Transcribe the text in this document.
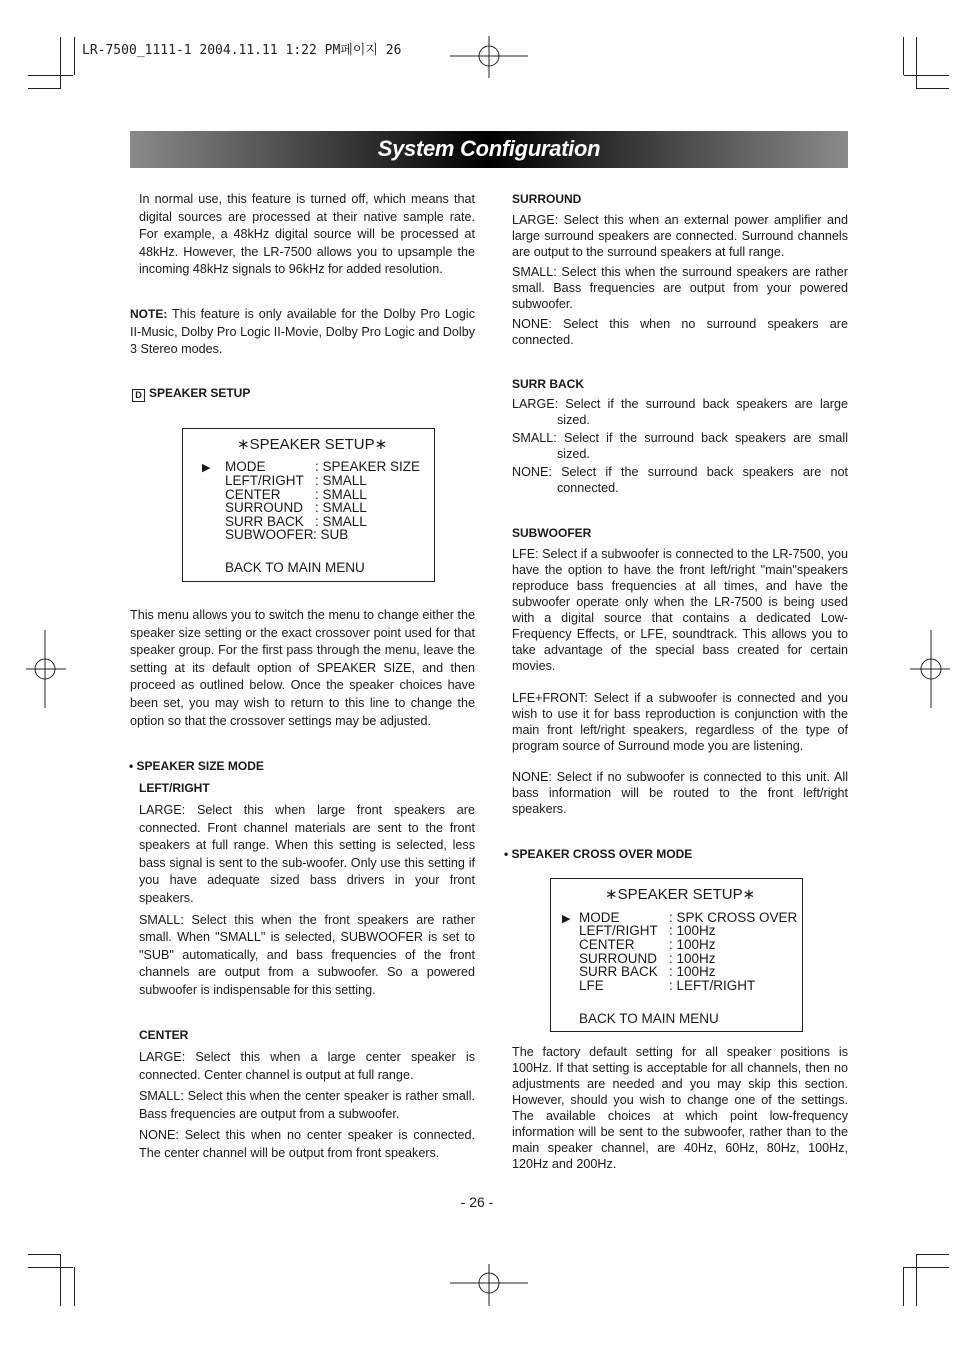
LR-7500_1111-1 2004.11.11 1:22 PM페이지 26
System Configuration

In normal use, this feature is turned off, which means that digital sources are processed at their native sample rate. For example, a 48kHz digital source will be processed at 48kHz. However, the LR-7500 allows you to upsample the incoming 48kHz signals to 96kHz for added resolution.

NOTE: This feature is only available for the Dolby Pro Logic II-Music, Dolby Pro Logic II-Movie, Dolby Pro Logic and Dolby 3 Stereo modes.

D SPEAKER SETUP
∗SPEAKER SETUP∗
▶ MODE	: SPEAKER SIZE
LEFT/RIGHT : SMALL
CENTER	: SMALL
SURROUND : SMALL
SURR BACK : SMALL
SUBWOOFER : SUB
BACK TO MAIN MENU

This menu allows you to switch the menu to change either the speaker size setting or the exact crossover point used for that speaker group. For the first pass through the menu, leave the setting at its default option of SPEAKER SIZE, and then proceed as outlined below. Once the speaker choices have been set, you may wish to return to this line to change the option so that the crossover settings may be adjusted.

• SPEAKER SIZE MODE
LEFT/RIGHT

LARGE: Select this when large front speakers are connected. Front channel materials are sent to the front speakers at full range. When this setting is selected, less bass signal is sent to the sub-woofer. Only use this setting if you have adequate sized bass drivers in your front speakers.

SMALL: Select this when the front speakers are rather small. When "SMALL" is selected, SUBWOOFER is set to "SUB" automatically, and bass frequencies of the front channels are output from a subwoofer. So a powered subwoofer is indispensable for this setting.

CENTER

LARGE: Select this when a large center speaker is connected. Center channel is output at full range.

SMALL: Select this when the center speaker is rather small. Bass frequencies are output from a subwoofer.

NONE: Select this when no center speaker is connected. The center channel will be output from front speakers.

SURROUND

LARGE: Select this when an external power amplifier and large surround speakers are connected. Surround channels are output to the surround speakers at full range.

SMALL: Select this when the surround speakers are rather small. Bass frequencies are output from your powered subwoofer.

NONE: Select this when no surround speakers are connected.

SURR BACK

LARGE: Select if the surround back speakers are large sized.

SMALL: Select if the surround back speakers are small sized.

NONE: Select if the surround back speakers are not connected.

SUBWOOFER

LFE: Select if a subwoofer is connected to the LR-7500, you have the option to have the front left/right "main"speakers reproduce bass frequencies at all times, and have the subwoofer operate only when the LR-7500 is being used with a digital source that contains a dedicated Low-Frequency Effects, or LFE, soundtrack. This allows you to take advantage of the special bass created for certain movies.

LFE+FRONT: Select if a subwoofer is connected and you wish to use it for bass reproduction is conjunction with the main front left/right speakers, regardless of the type of program source of Surround mode you are listening.

NONE: Select if no subwoofer is connected to this unit. All bass information will be routed to the front left/right speakers.

• SPEAKER CROSS OVER MODE
∗SPEAKER SETUP∗
▶ MODE	: SPK CROSS OVER
LEFT/RIGHT : 100Hz
CENTER	: 100Hz
SURROUND : 100Hz
SURR BACK : 100Hz
LFE	: LEFT/RIGHT
BACK TO MAIN MENU

The factory default setting for all speaker positions is 100Hz. If that setting is acceptable for all channels, then no adjustments are needed and you may skip this section. However, should you wish to change one of the settings. The available choices at which point low-frequency information will be sent to the subwoofer, rather than to the main speaker channel, are 40Hz, 60Hz, 80Hz, 100Hz, 120Hz and 200Hz.

- 26 -
